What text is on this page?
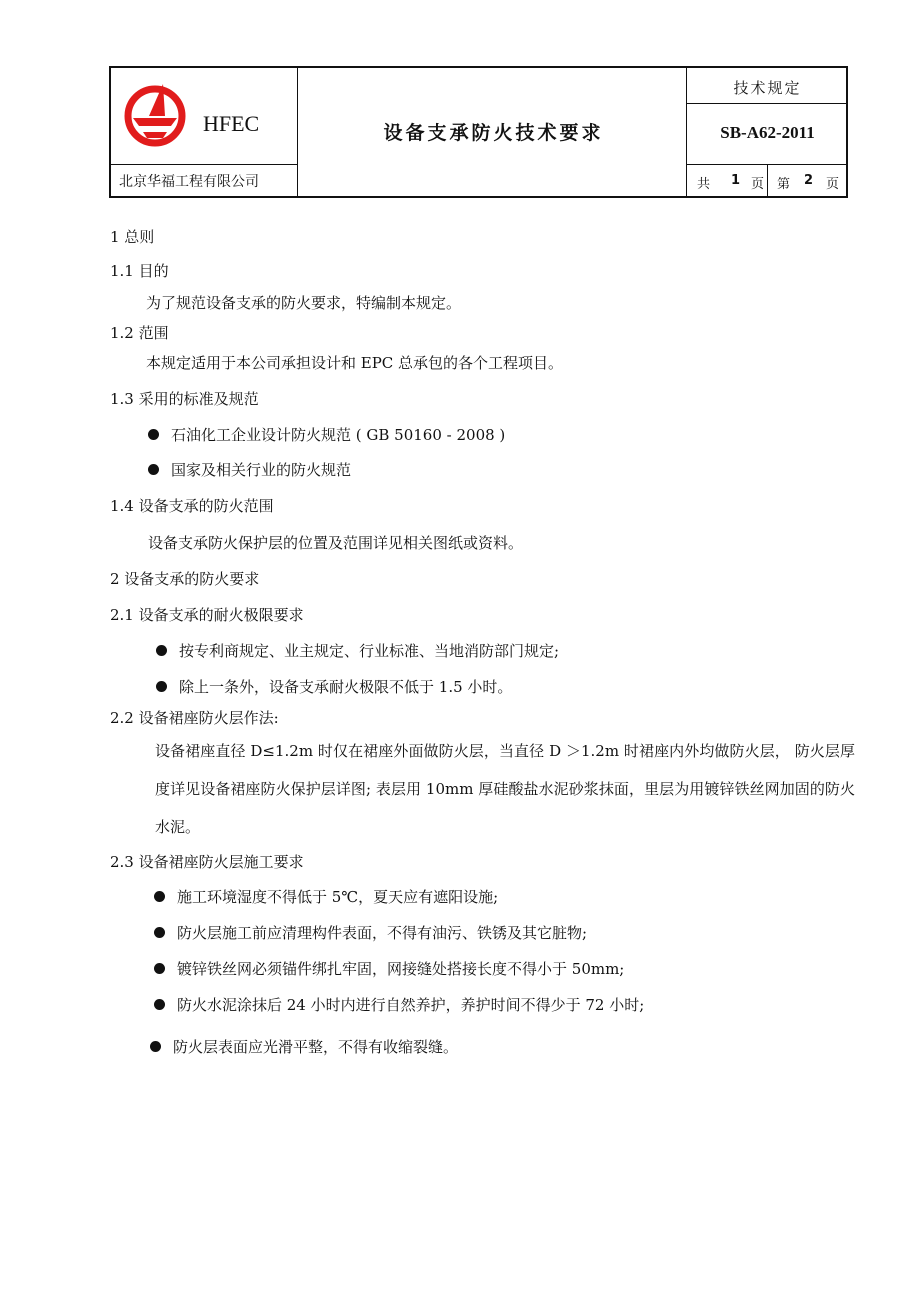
HFEC
北京华福工程有限公司
设备支承防火技术要求
技术规定
SB-A62-2011
共 1 页 第 2 页
1 总则
1.1 目的
为了规范设备支承的防火要求，特编制本规定。
1.2 范围
本规定适用于本公司承担设计和 EPC 总承包的各个工程项目。
1.3 采用的标准及规范
石油化工企业设计防火规范 ( GB 50160 - 2008 )
国家及相关行业的防火规范
1.4 设备支承的防火范围
设备支承防火保护层的位置及范围详见相关图纸或资料。
2 设备支承的防火要求
2.1 设备支承的耐火极限要求
按专利商规定、业主规定、行业标准、当地消防部门规定;
除上一条外，设备支承耐火极限不低于 1.5 小时。
2.2 设备裙座防火层作法:
设备裙座直径 D≤1.2m 时仅在裙座外面做防火层，当直径 D ＞1.2m 时裙座内外均做防火层， 防火层厚度详见设备裙座防火保护层详图; 表层用 10mm 厚硅酸盐水泥砂浆抹面，里层为用镀锌铁丝网加固的防火水泥。
2.3 设备裙座防火层施工要求
施工环境湿度不得低于 5℃，夏天应有遮阳设施;
防火层施工前应清理构件表面，不得有油污、铁锈及其它脏物;
镀锌铁丝网必须锚件绑扎牢固，网接缝处搭接长度不得小于 50mm;
防火水泥涂抹后 24 小时内进行自然养护，养护时间不得少于 72 小时;
防火层表面应光滑平整，不得有收缩裂缝。
